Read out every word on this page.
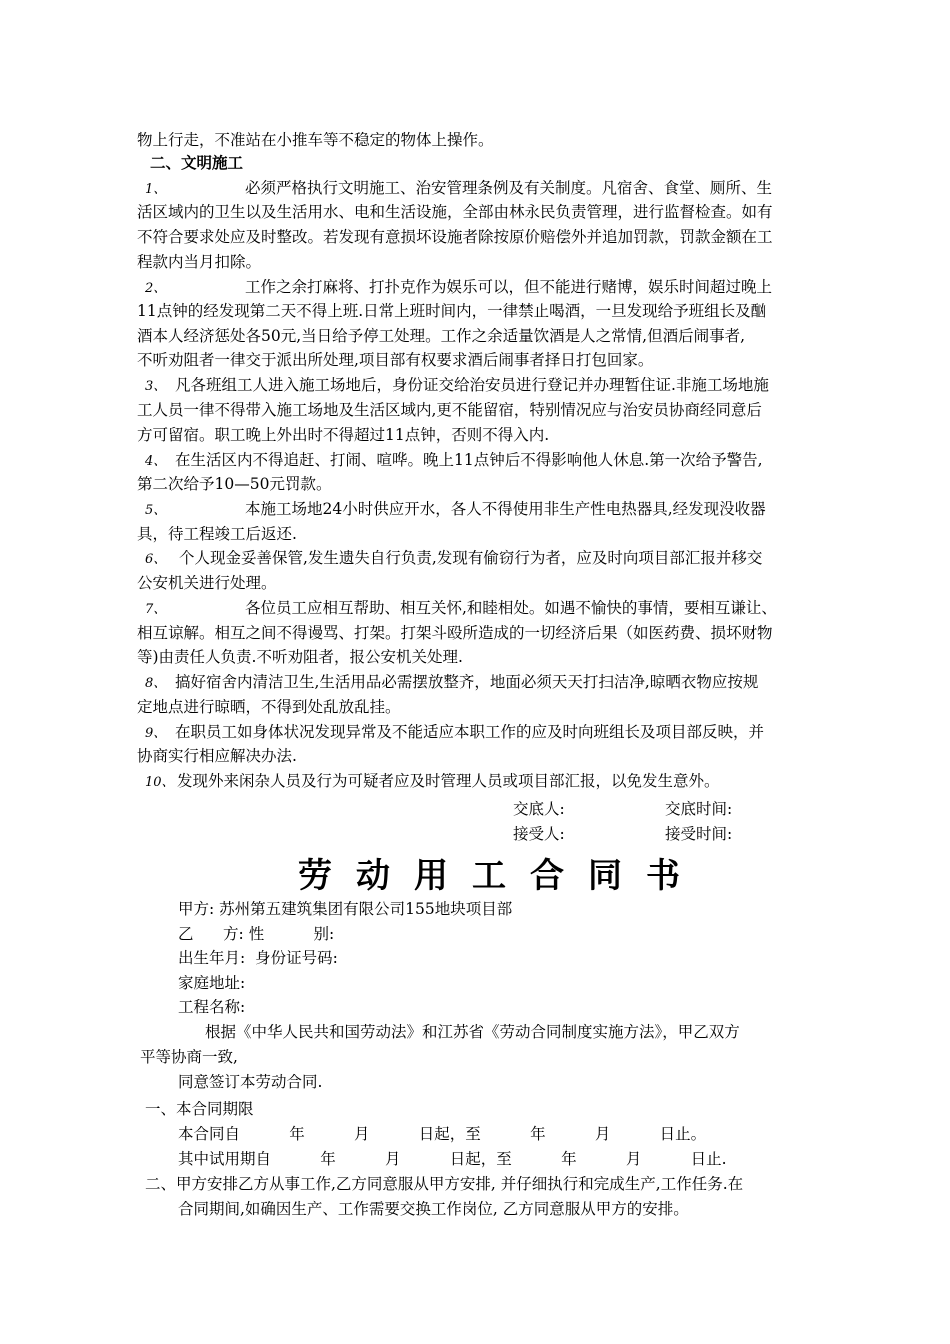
物上行走，不准站在小推车等不稳定的物体上操作。
二、文明施工
1、	必须严格执行文明施工、治安管理条例及有关制度。凡宿舍、食堂、厕所、生
活区域内的卫生以及生活用水、电和生活设施，全部由林永民负责管理，进行监督检查。如有
不符合要求处应及时整改。若发现有意损坏设施者除按原价赔偿外并追加罚款，罚款金额在工
程款内当月扣除。
2、	工作之余打麻将、打扑克作为娱乐可以，但不能进行赌博，娱乐时间超过晚上
11点钟的经发现第二天不得上班.日常上班时间内，一律禁止喝酒，一旦发现给予班组长及酗
酒本人经济惩处各50元,当日给予停工处理。工作之余适量饮酒是人之常情,但酒后闹事者,
不听劝阻者一律交于派出所处理,项目部有权要求酒后闹事者择日打包回家。
3、 凡各班组工人进入施工场地后，身份证交给治安员进行登记并办理暂住证.非施工场地施
工人员一律不得带入施工场地及生活区域内,更不能留宿，特别情况应与治安员协商经同意后
方可留宿。职工晚上外出时不得超过11点钟，否则不得入内.
4、 在生活区内不得追赶、打闹、喧哗。晚上11点钟后不得影响他人休息.第一次给予警告,
第二次给予10—50元罚款。
5、	本施工场地24小时供应开水，各人不得使用非生产性电热器具,经发现没收器
具，待工程竣工后返还.
6、 个人现金妥善保管,发生遗失自行负责,发现有偷窃行为者，应及时向项目部汇报并移交
公安机关进行处理。
7、	各位员工应相互帮助、相互关怀,和睦相处。如遇不愉快的事情，要相互谦让、
相互谅解。相互之间不得谩骂、打架。打架斗殴所造成的一切经济后果（如医药费、损坏财物
等)由责任人负责.不听劝阻者，报公安机关处理.
8、 搞好宿舍内清洁卫生,生活用品必需摆放整齐，地面必须天天打扫洁净,晾晒衣物应按规
定地点进行晾晒，不得到处乱放乱挂。
9、 在职员工如身体状况发现异常及不能适应本职工作的应及时向班组长及项目部反映，并
协商实行相应解决办法.
10、 发现外来闲杂人员及行为可疑者应及时管理人员或项目部汇报，以免发生意外。
交底人:	交底时间:
接受人:	接受时间:
劳动用工合同书
甲方: 苏州第五建筑集团有限公司155地块项目部
乙      方: 性          别:
出生年月:  身份证号码:
家庭地址:
工程名称:
根据《中华人民共和国劳动法》和江苏省《劳动合同制度实施方法》，甲乙双方
平等协商一致,
同意签订本劳动合同.
一、本合同期限
本合同自          年          月          日起，至          年          月          日止。
其中试用期自          年          月          日起，至          年          月          日止.
二、甲方安排乙方从事工作,乙方同意服从甲方安排, 并仔细执行和完成生产,工作任务.在
合同期间,如确因生产、工作需要交换工作岗位, 乙方同意服从甲方的安排。
